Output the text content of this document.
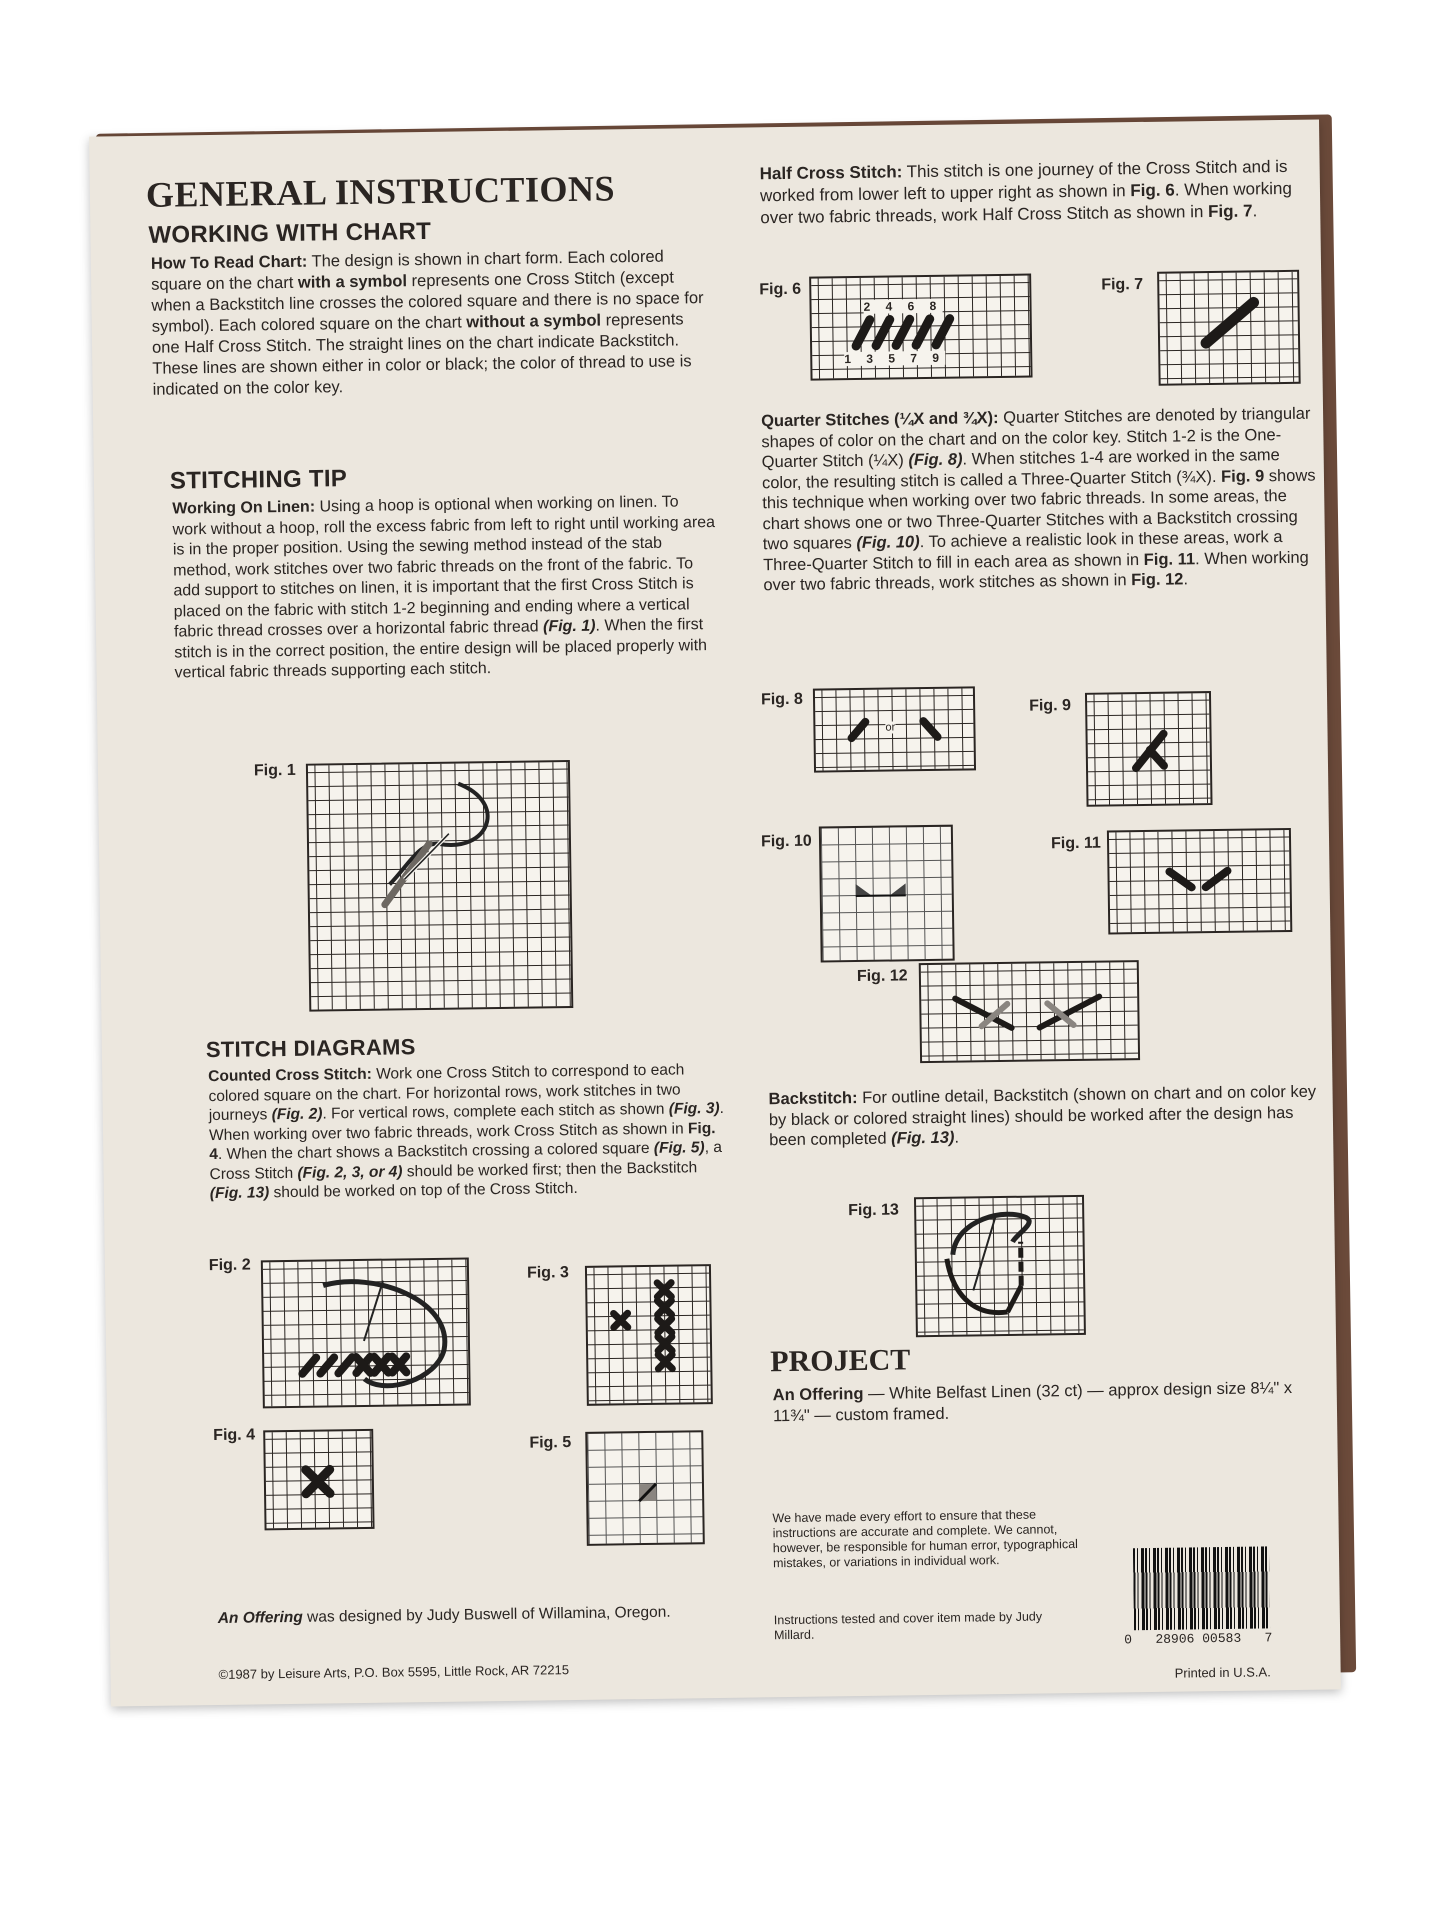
GENERAL INSTRUCTIONS
WORKING WITH CHART
How To Read Chart: The design is shown in chart form. Each colored square on the chart with a symbol represents one Cross Stitch (except when a Backstitch line crosses the colored square and there is no space for symbol). Each colored square on the chart without a symbol represents one Half Cross Stitch. The straight lines on the chart indicate Backstitch. These lines are shown either in color or black; the color of thread to use is indicated on the color key.
STITCHING TIP
Working On Linen: Using a hoop is optional when working on linen. To work without a hoop, roll the excess fabric from left to right until working area is in the proper position. Using the sewing method instead of the stab method, work stitches over two fabric threads on the front of the fabric. To add support to stitches on linen, it is important that the first Cross Stitch is placed on the fabric with stitch 1-2 beginning and ending where a vertical fabric thread crosses over a horizontal fabric thread (Fig. 1). When the first stitch is in the correct position, the entire design will be placed properly with vertical fabric threads supporting each stitch.
Fig. 1
STITCH DIAGRAMS
Counted Cross Stitch: Work one Cross Stitch to correspond to each colored square on the chart. For horizontal rows, work stitches in two journeys (Fig. 2). For vertical rows, complete each stitch as shown (Fig. 3). When working over two fabric threads, work Cross Stitch as shown in Fig. 4. When the chart shows a Backstitch crossing a colored square (Fig. 5), a Cross Stitch (Fig. 2, 3, or 4) should be worked first; then the Backstitch (Fig. 13) should be worked on top of the Cross Stitch.
Fig. 2	Fig. 3
Fig. 4	Fig. 5
An Offering was designed by Judy Buswell of Willamina, Oregon.
©1987 by Leisure Arts, P.O. Box 5595, Little Rock, AR 72215
Half Cross Stitch: This stitch is one journey of the Cross Stitch and is worked from lower left to upper right as shown in Fig. 6. When working over two fabric threads, work Half Cross Stitch as shown in Fig. 7.
Fig. 6
2 4 6 8
1 3 5 7 9
Fig. 7
Quarter Stitches (¼X and ¾X): Quarter Stitches are denoted by triangular shapes of color on the chart and on the color key. Stitch 1-2 is the One-Quarter Stitch (¼X) (Fig. 8). When stitches 1-4 are worked in the same color, the resulting stitch is called a Three-Quarter Stitch (¾X). Fig. 9 shows this technique when working over two fabric threads. In some areas, the chart shows one or two Three-Quarter Stitches with a Backstitch crossing two squares (Fig. 10). To achieve a realistic look in these areas, work a Three-Quarter Stitch to fill in each area as shown in Fig. 11. When working over two fabric threads, work stitches as shown in Fig. 12.
Fig. 8
or
Fig. 9
Fig. 10	Fig. 11
Fig. 12
Backstitch: For outline detail, Backstitch (shown on chart and on color key by black or colored straight lines) should be worked after the design has been completed (Fig. 13).
Fig. 13
PROJECT
An Offering — White Belfast Linen (32 ct) — approx design size 8¼" x 11¾" — custom framed.
We have made every effort to ensure that these instructions are accurate and complete. We cannot, however, be responsible for human error, typographical mistakes, or variations in individual work.
Instructions tested and cover item made by Judy Millard.	0   28906 00583   7
Printed in U.S.A.
